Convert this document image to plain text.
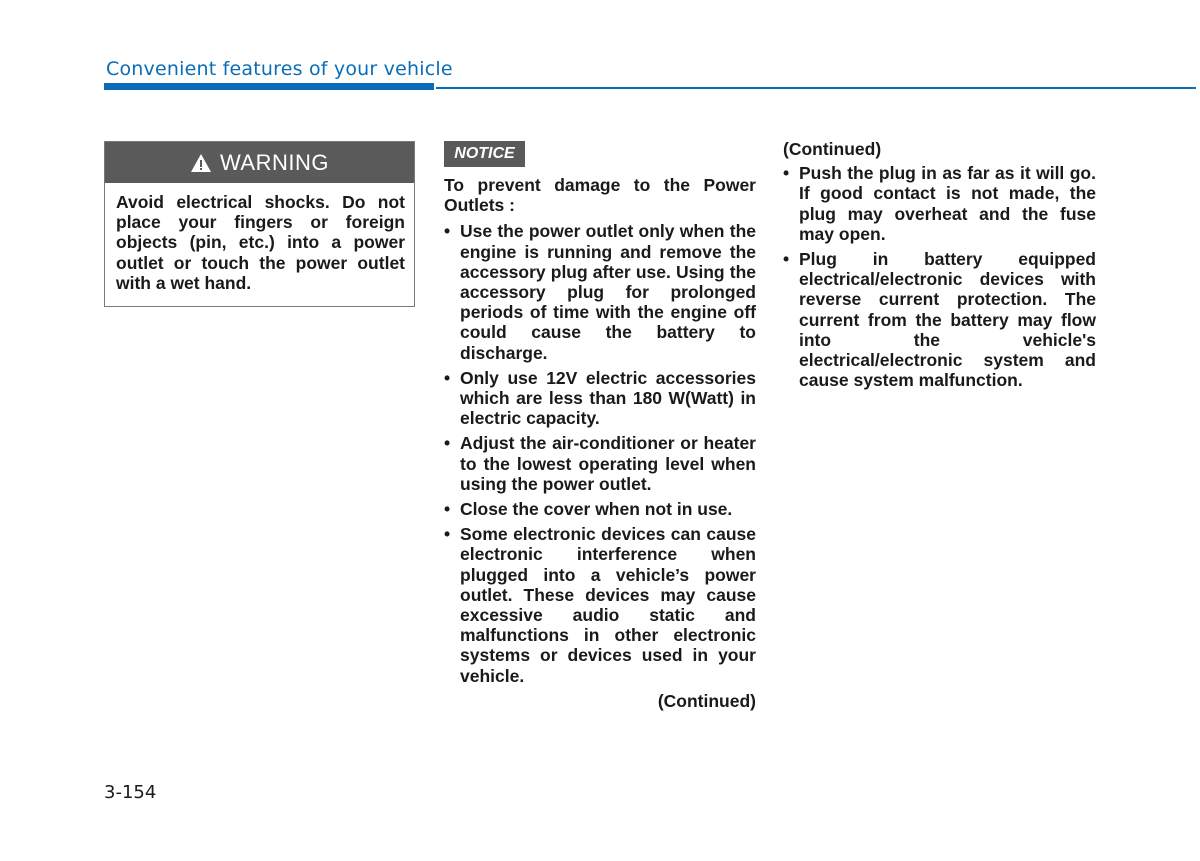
Convenient features of your vehicle
WARNING
Avoid electrical shocks. Do not place your fingers or foreign objects (pin, etc.) into a power outlet or touch the power outlet with a wet hand.
NOTICE

To prevent damage to the Power Outlets :

• Use the power outlet only when the engine is running and remove the accessory plug after use. Using the accessory plug for prolonged periods of time with the engine off could cause the battery to discharge.
• Only use 12V electric accessories which are less than 180 W(Watt) in electric capacity.
• Adjust the air-conditioner or heater to the lowest operating level when using the power outlet.
• Close the cover when not in use.
• Some electronic devices can cause electronic interference when plugged into a vehicle’s power outlet. These devices may cause excessive audio static and malfunctions in other electronic systems or devices used in your vehicle.
(Continued)
(Continued)
• Push the plug in as far as it will go. If good contact is not made, the plug may overheat and the fuse may open.
• Plug in battery equipped electrical/electronic devices with reverse current protection. The current from the battery may flow into the vehicle's electrical/electronic system and cause system malfunction.
3-154
